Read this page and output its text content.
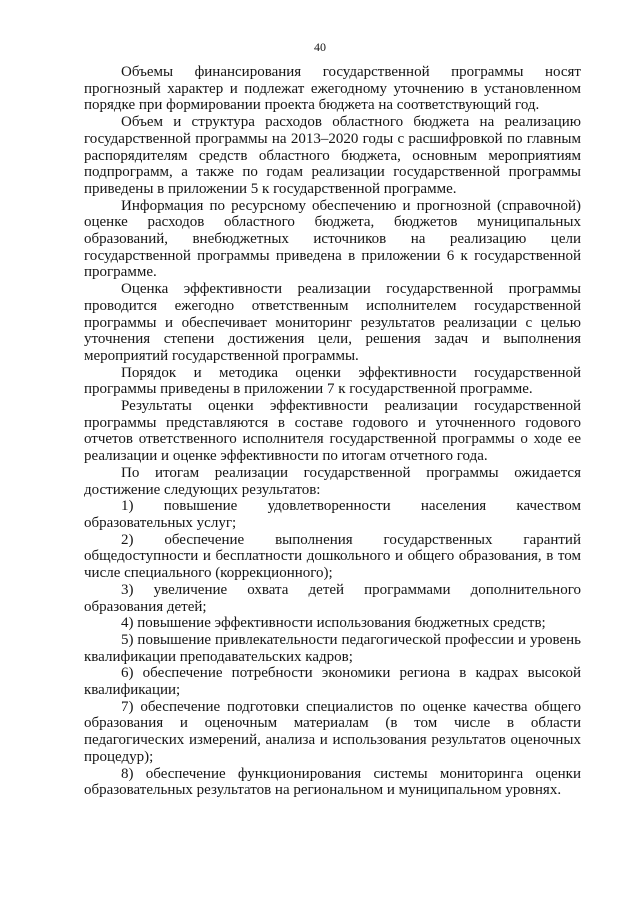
40

Объемы финансирования государственной программы носят прогнозный характер и подлежат ежегодному уточнению в установленном порядке при формировании проекта бюджета на соответствующий год.

Объем и структура расходов областного бюджета на реализацию государственной программы на 2013–2020 годы с расшифровкой по главным распорядителям средств областного бюджета, основным мероприятиям подпрограмм, а также по годам реализации государственной программы приведены в приложении 5 к государственной программе.

Информация по ресурсному обеспечению и прогнозной (справочной) оценке расходов областного бюджета, бюджетов муниципальных образований, внебюджетных источников на реализацию цели государственной программы приведена в приложении 6 к государственной программе.

Оценка эффективности реализации государственной программы проводится ежегодно ответственным исполнителем государственной программы и обеспечивает мониторинг результатов реализации с целью уточнения степени достижения цели, решения задач и выполнения мероприятий государственной программы.

Порядок и методика оценки эффективности государственной программы приведены в приложении 7 к государственной программе.

Результаты оценки эффективности реализации государственной программы представляются в составе годового и уточненного годового отчетов ответственного исполнителя государственной программы о ходе ее реализации и оценке эффективности по итогам отчетного года.

По итогам реализации государственной программы ожидается достижение следующих результатов:

1) повышение удовлетворенности населения качеством образовательных услуг;

2) обеспечение выполнения государственных гарантий общедоступности и бесплатности дошкольного и общего образования, в том числе специального (коррекционного);

3) увеличение охвата детей программами дополнительного образования детей;

4) повышение эффективности использования бюджетных средств;

5) повышение привлекательности педагогической профессии и уровень квалификации преподавательских кадров;

6) обеспечение потребности экономики региона в кадрах высокой квалификации;

7) обеспечение подготовки специалистов по оценке качества общего образования и оценочным материалам (в том числе в области педагогических измерений, анализа и использования результатов оценочных процедур);

8) обеспечение функционирования системы мониторинга оценки образовательных результатов на региональном и муниципальном уровнях.
